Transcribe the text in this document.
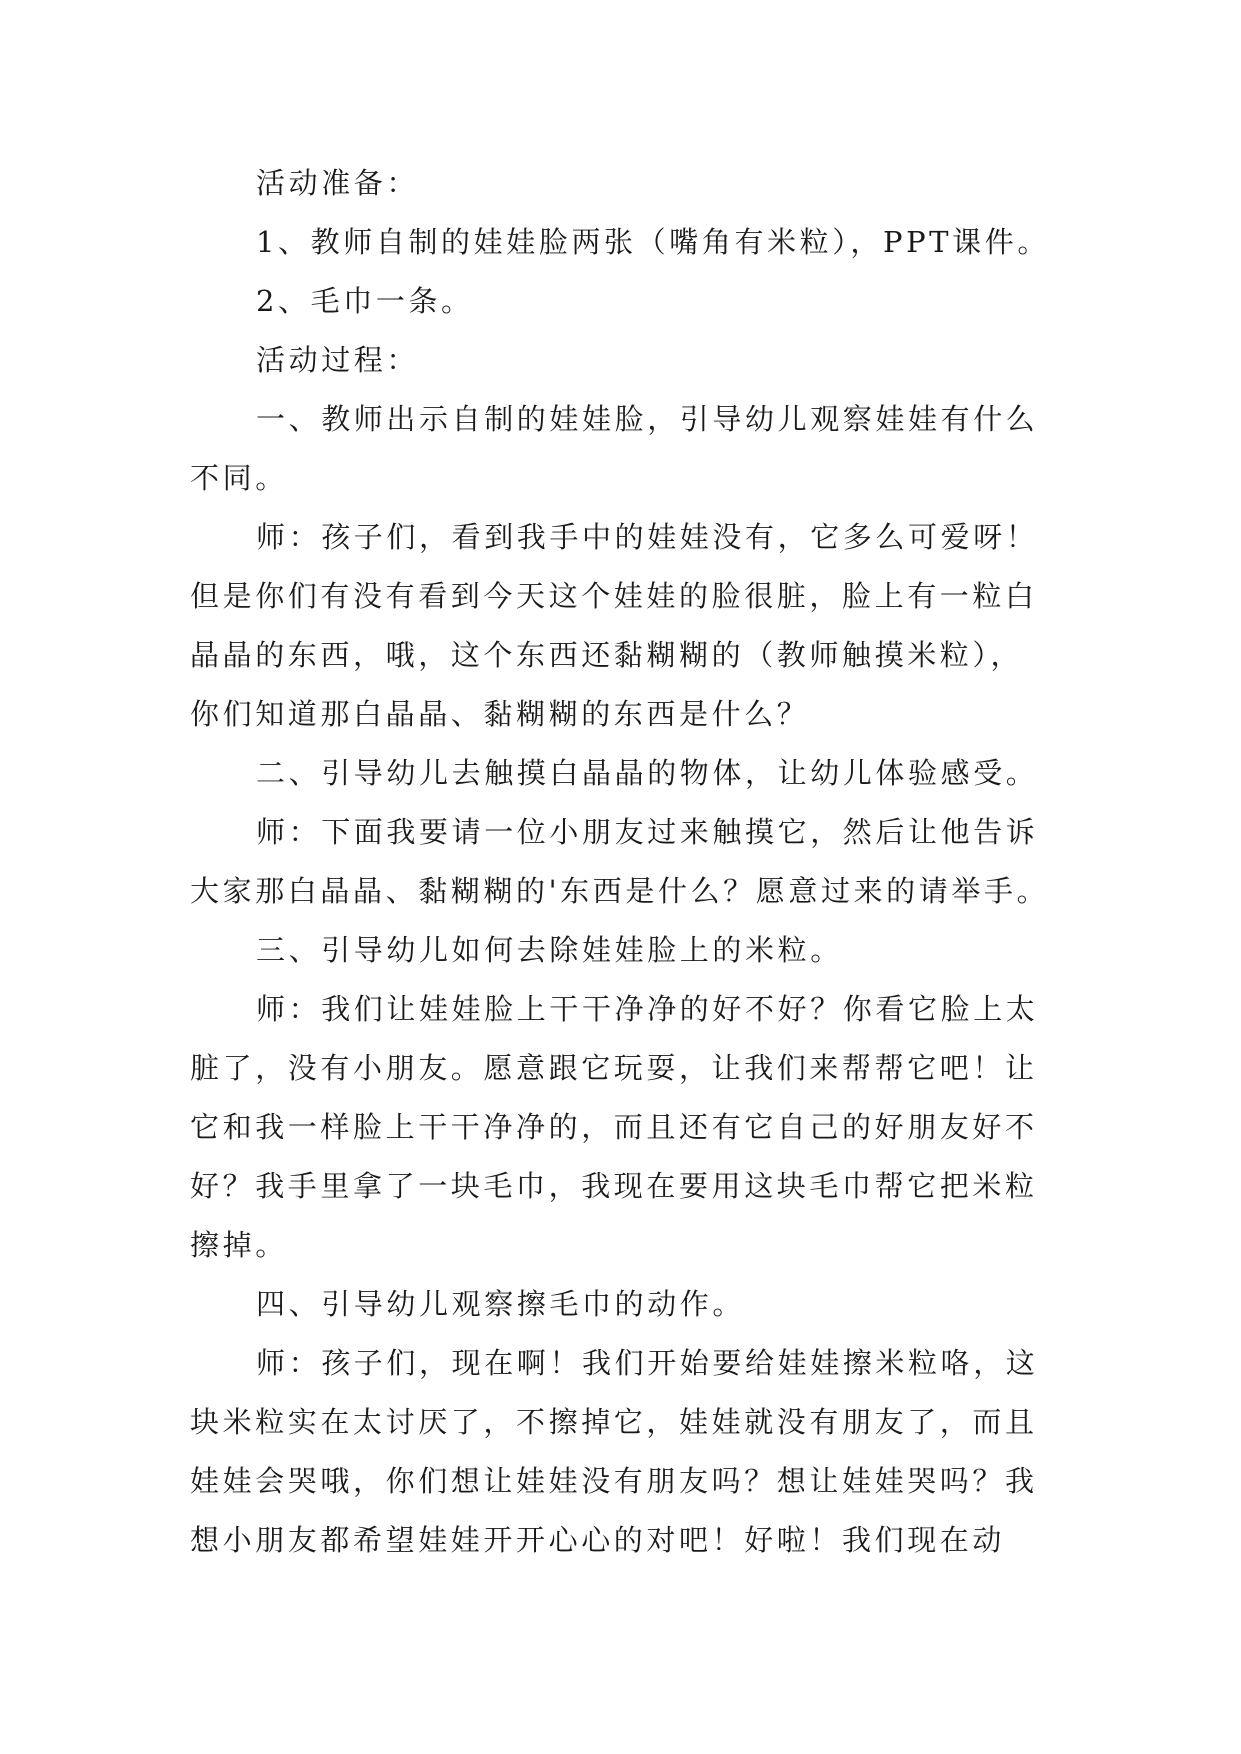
活动准备：

1、教师自制的娃娃脸两张（嘴角有米粒），PPT课件。

2、毛巾一条。

活动过程：

一、教师出示自制的娃娃脸，引导幼儿观察娃娃有什么
不同。

师：孩子们，看到我手中的娃娃没有，它多么可爱呀！
但是你们有没有看到今天这个娃娃的脸很脏，脸上有一粒白
晶晶的东西，哦，这个东西还黏糊糊的（教师触摸米粒），
你们知道那白晶晶、黏糊糊的东西是什么？

二、引导幼儿去触摸白晶晶的物体，让幼儿体验感受。

师：下面我要请一位小朋友过来触摸它，然后让他告诉
大家那白晶晶、黏糊糊的'东西是什么？愿意过来的请举手。

三、引导幼儿如何去除娃娃脸上的米粒。

师：我们让娃娃脸上干干净净的好不好？你看它脸上太
脏了，没有小朋友。愿意跟它玩耍，让我们来帮帮它吧！让
它和我一样脸上干干净净的，而且还有它自己的好朋友好不
好？我手里拿了一块毛巾，我现在要用这块毛巾帮它把米粒
擦掉。

四、引导幼儿观察擦毛巾的动作。

师：孩子们，现在啊！我们开始要给娃娃擦米粒咯，这
块米粒实在太讨厌了，不擦掉它，娃娃就没有朋友了，而且
娃娃会哭哦，你们想让娃娃没有朋友吗？想让娃娃哭吗？我
想小朋友都希望娃娃开开心心的对吧！好啦！我们现在动
